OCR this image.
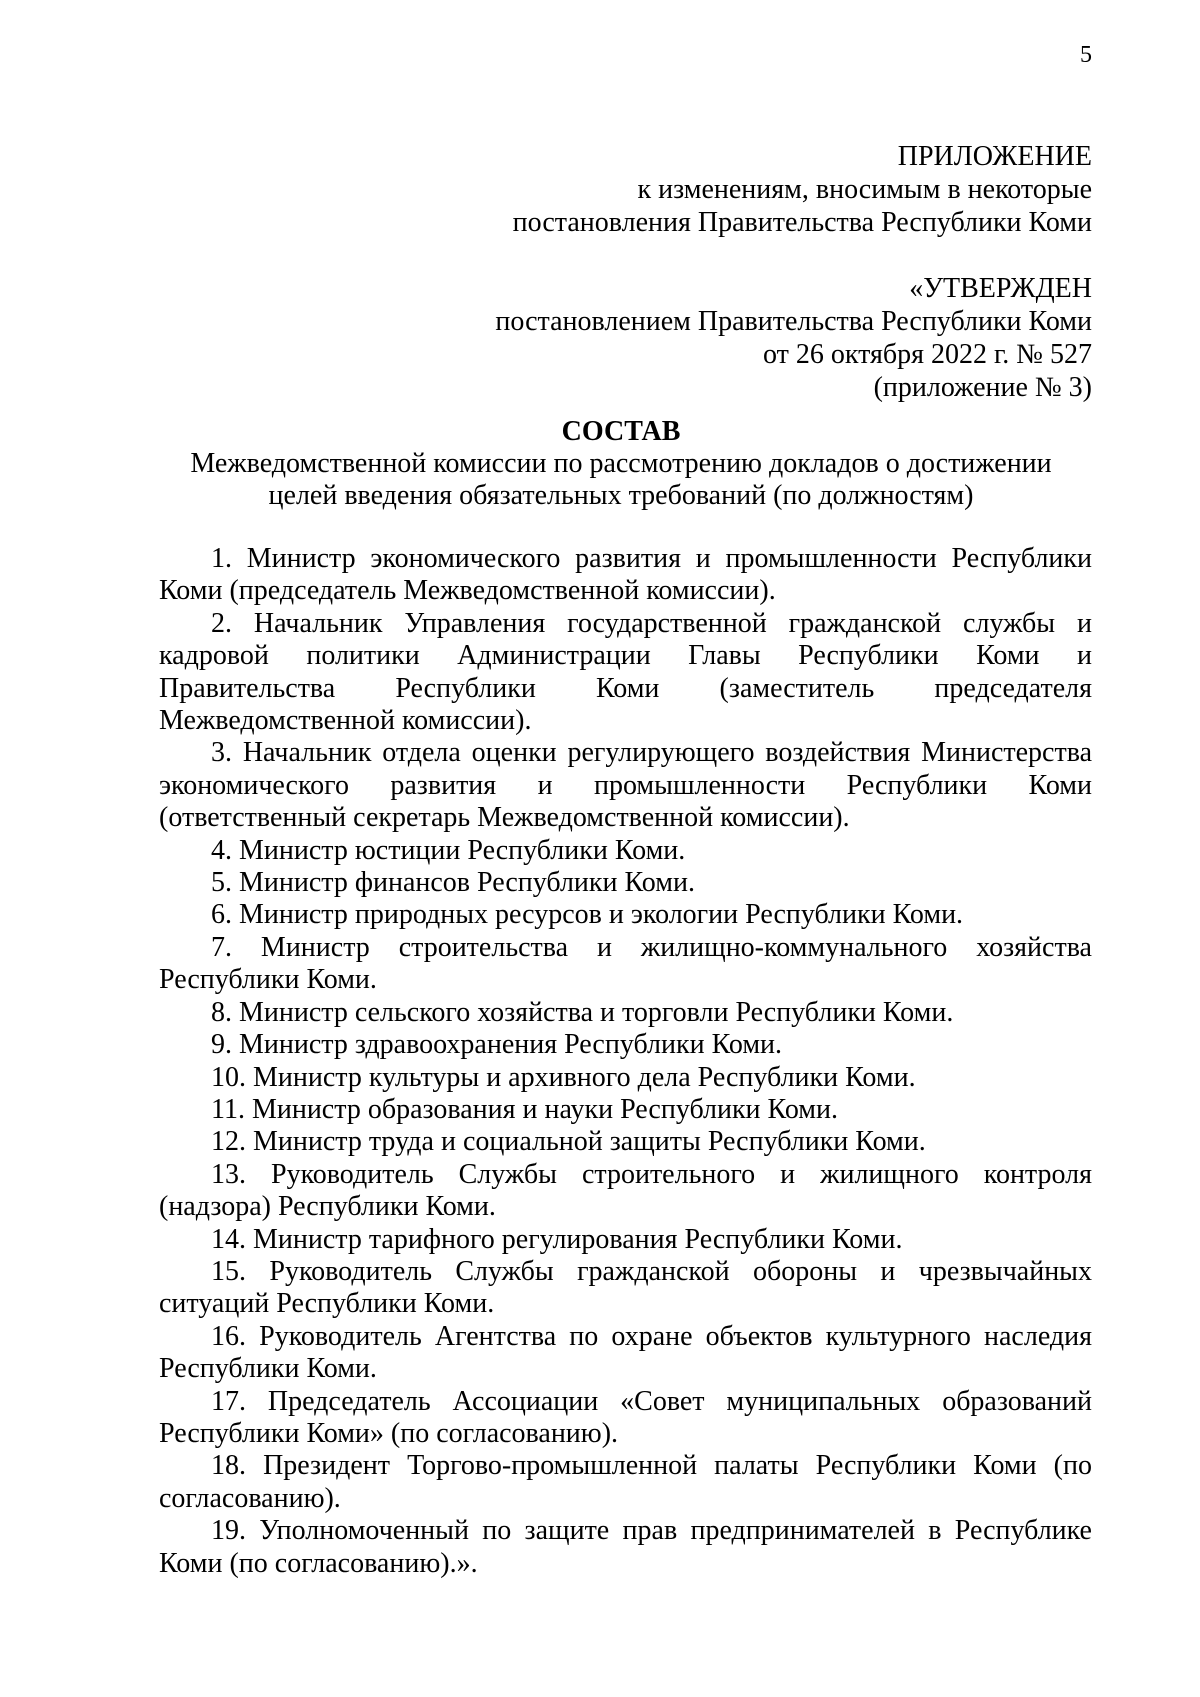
5
ПРИЛОЖЕНИЕ
к изменениям, вносимым в некоторые
постановления Правительства Республики Коми
«УТВЕРЖДЕН
постановлением Правительства Республики Коми
от 26 октября 2022 г. № 527
(приложение № 3)
СОСТАВ
Межведомственной комиссии по рассмотрению докладов о достижении
целей введения обязательных требований (по должностям)

1. Министр экономического развития и промышленности Республики Коми (председатель Межведомственной комиссии).

2. Начальник Управления государственной гражданской службы и кадровой политики Администрации Главы Республики Коми и Правительства Республики Коми (заместитель председателя Межведомственной комиссии).

3. Начальник отдела оценки регулирующего воздействия Министерства экономического развития и промышленности Республики Коми (ответственный секретарь Межведомственной комиссии).

4. Министр юстиции Республики Коми.

5. Министр финансов Республики Коми.

6. Министр природных ресурсов и экологии Республики Коми.

7. Министр строительства и жилищно-коммунального хозяйства Республики Коми.

8. Министр сельского хозяйства и торговли Республики Коми.

9. Министр здравоохранения Республики Коми.

10. Министр культуры и архивного дела Республики Коми.

11. Министр образования и науки Республики Коми.

12. Министр труда и социальной защиты Республики Коми.

13. Руководитель Службы строительного и жилищного контроля (надзора) Республики Коми.

14. Министр тарифного регулирования Республики Коми.

15. Руководитель Службы гражданской обороны и чрезвычайных ситуаций Республики Коми.

16. Руководитель Агентства по охране объектов культурного наследия Республики Коми.

17. Председатель Ассоциации «Совет муниципальных образований Республики Коми» (по согласованию).

18. Президент Торгово-промышленной палаты Республики Коми (по согласованию).

19. Уполномоченный по защите прав предпринимателей в Республике Коми (по согласованию).».
